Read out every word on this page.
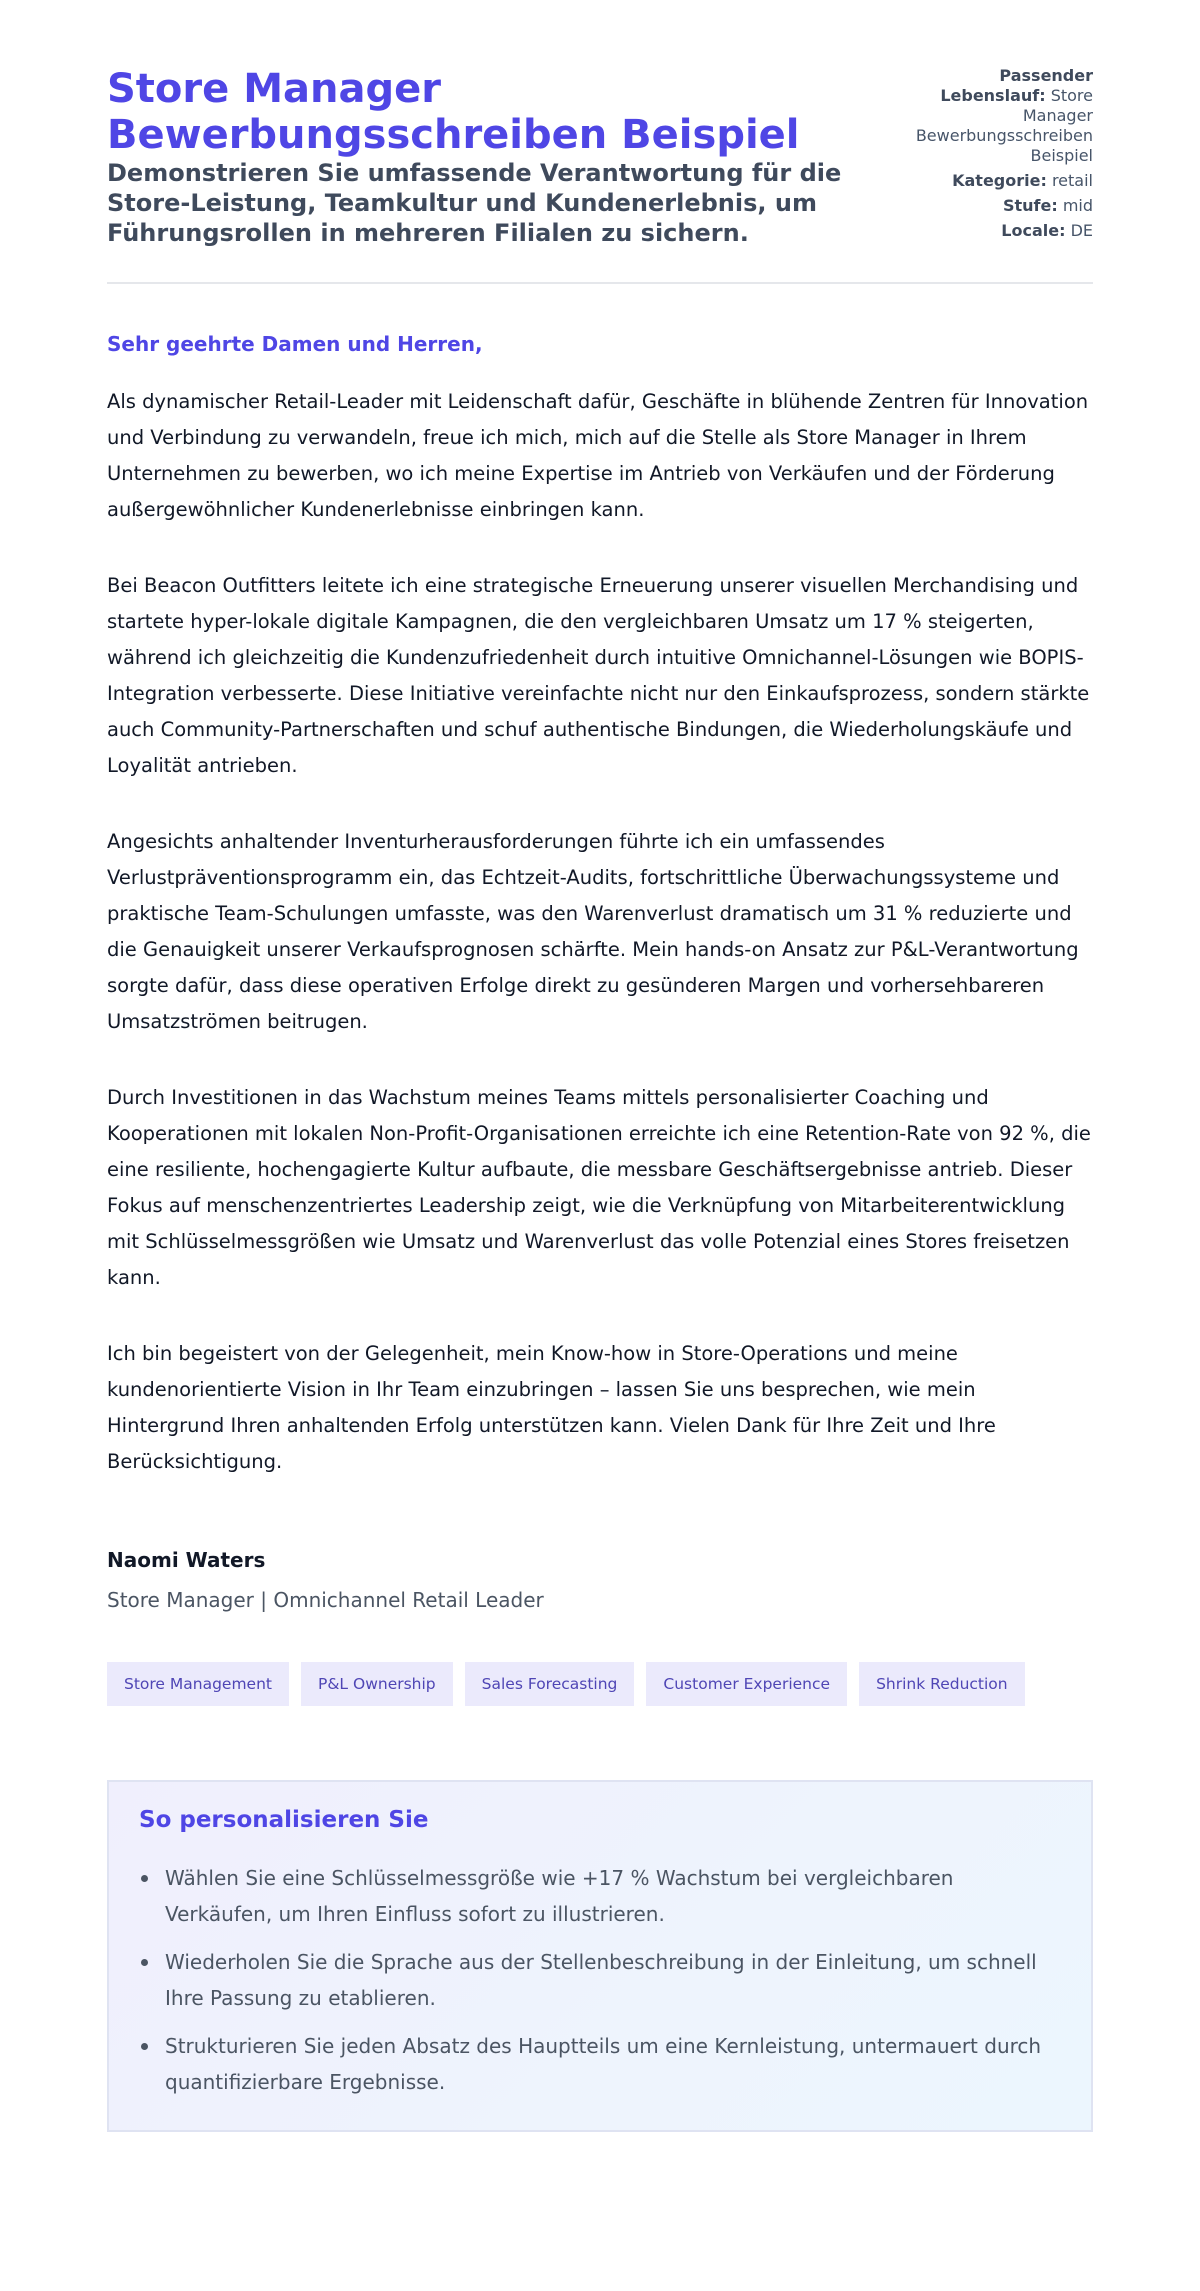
Store Manager Bewerbungsschreiben Beispiel
Demonstrieren Sie umfassende Verantwortung für die Store-Leistung, Teamkultur und Kundenerlebnis, um Führungsrollen in mehreren Filialen zu sichern.
Passender Lebenslauf: Store Manager Bewerbungsschreiben Beispiel
Kategorie: retail
Stufe: mid
Locale: DE

Sehr geehrte Damen und Herren,

Als dynamischer Retail-Leader mit Leidenschaft dafür, Geschäfte in blühende Zentren für Innovation und Verbindung zu verwandeln, freue ich mich, mich auf die Stelle als Store Manager in Ihrem Unternehmen zu bewerben, wo ich meine Expertise im Antrieb von Verkäufen und der Förderung außergewöhnlicher Kundenerlebnisse einbringen kann.

Bei Beacon Outfitters leitete ich eine strategische Erneuerung unserer visuellen Merchandising und startete hyper-lokale digitale Kampagnen, die den vergleichbaren Umsatz um 17 % steigerten, während ich gleichzeitig die Kundenzufriedenheit durch intuitive Omnichannel-Lösungen wie BOPIS-Integration verbesserte. Diese Initiative vereinfachte nicht nur den Einkaufsprozess, sondern stärkte auch Community-Partnerschaften und schuf authentische Bindungen, die Wiederholungskäufe und Loyalität antrieben.

Angesichts anhaltender Inventurherausforderungen führte ich ein umfassendes Verlustpräventionsprogramm ein, das Echtzeit-Audits, fortschrittliche Überwachungssysteme und praktische Team-Schulungen umfasste, was den Warenverlust dramatisch um 31 % reduzierte und die Genauigkeit unserer Verkaufsprognosen schärfte. Mein hands-on Ansatz zur P&L-Verantwortung sorgte dafür, dass diese operativen Erfolge direkt zu gesünderen Margen und vorhersehbareren Umsatzströmen beitrugen.

Durch Investitionen in das Wachstum meines Teams mittels personalisierter Coaching und Kooperationen mit lokalen Non-Profit-Organisationen erreichte ich eine Retention-Rate von 92 %, die eine resiliente, hochengagierte Kultur aufbaute, die messbare Geschäftsergebnisse antrieb. Dieser Fokus auf menschenzentriertes Leadership zeigt, wie die Verknüpfung von Mitarbeiterentwicklung mit Schlüsselmessgrößen wie Umsatz und Warenverlust das volle Potenzial eines Stores freisetzen kann.

Ich bin begeistert von der Gelegenheit, mein Know-how in Store-Operations und meine kundenorientierte Vision in Ihr Team einzubringen – lassen Sie uns besprechen, wie mein Hintergrund Ihren anhaltenden Erfolg unterstützen kann. Vielen Dank für Ihre Zeit und Ihre Berücksichtigung.

Naomi Waters
Store Manager | Omnichannel Retail Leader
Store Management	P&L Ownership	Sales Forecasting	Customer Experience	Shrink Reduction
So personalisieren Sie
Wählen Sie eine Schlüsselmessgröße wie +17 % Wachstum bei vergleichbaren Verkäufen, um Ihren Einfluss sofort zu illustrieren.
Wiederholen Sie die Sprache aus der Stellenbeschreibung in der Einleitung, um schnell Ihre Passung zu etablieren.
Strukturieren Sie jeden Absatz des Hauptteils um eine Kernleistung, untermauert durch quantifizierbare Ergebnisse.
